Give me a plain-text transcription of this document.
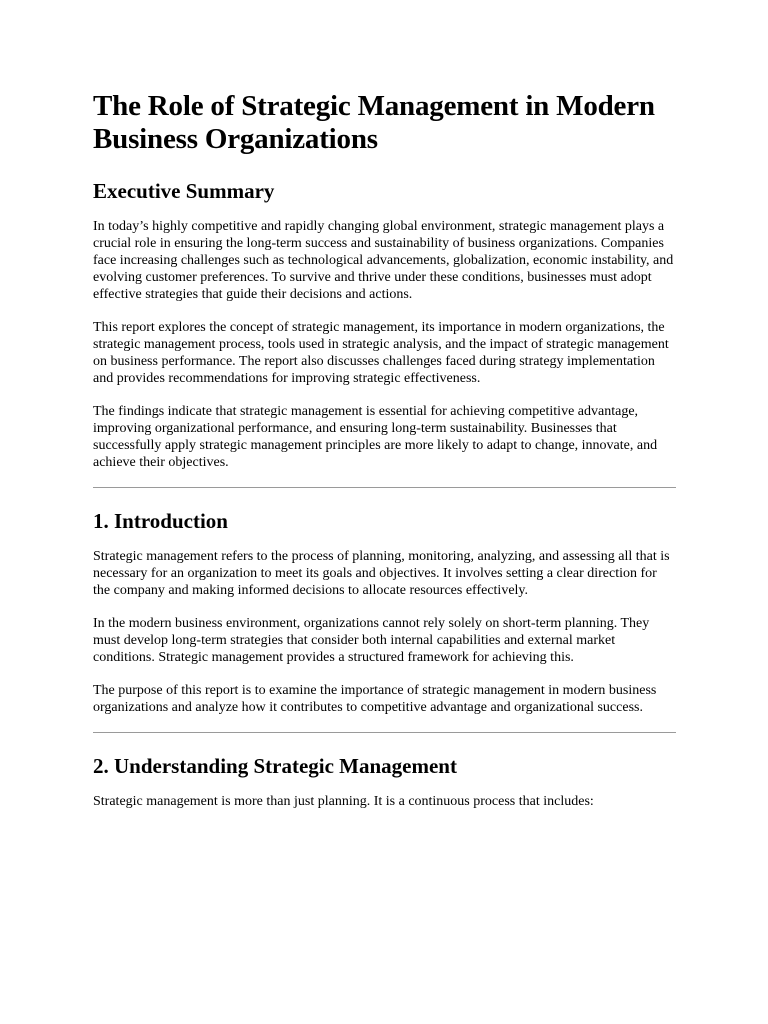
The Role of Strategic Management in Modern Business Organizations
Executive Summary

In today’s highly competitive and rapidly changing global environment, strategic management plays a crucial role in ensuring the long-term success and sustainability of business organizations. Companies face increasing challenges such as technological advancements, globalization, economic instability, and evolving customer preferences. To survive and thrive under these conditions, businesses must adopt effective strategies that guide their decisions and actions.

This report explores the concept of strategic management, its importance in modern organizations, the strategic management process, tools used in strategic analysis, and the impact of strategic management on business performance. The report also discusses challenges faced during strategy implementation and provides recommendations for improving strategic effectiveness.

The findings indicate that strategic management is essential for achieving competitive advantage, improving organizational performance, and ensuring long-term sustainability. Businesses that successfully apply strategic management principles are more likely to adapt to change, innovate, and achieve their objectives.

1. Introduction

Strategic management refers to the process of planning, monitoring, analyzing, and assessing all that is necessary for an organization to meet its goals and objectives. It involves setting a clear direction for the company and making informed decisions to allocate resources effectively.

In the modern business environment, organizations cannot rely solely on short-term planning. They must develop long-term strategies that consider both internal capabilities and external market conditions. Strategic management provides a structured framework for achieving this.

The purpose of this report is to examine the importance of strategic management in modern business organizations and analyze how it contributes to competitive advantage and organizational success.

2. Understanding Strategic Management

Strategic management is more than just planning. It is a continuous process that includes:
